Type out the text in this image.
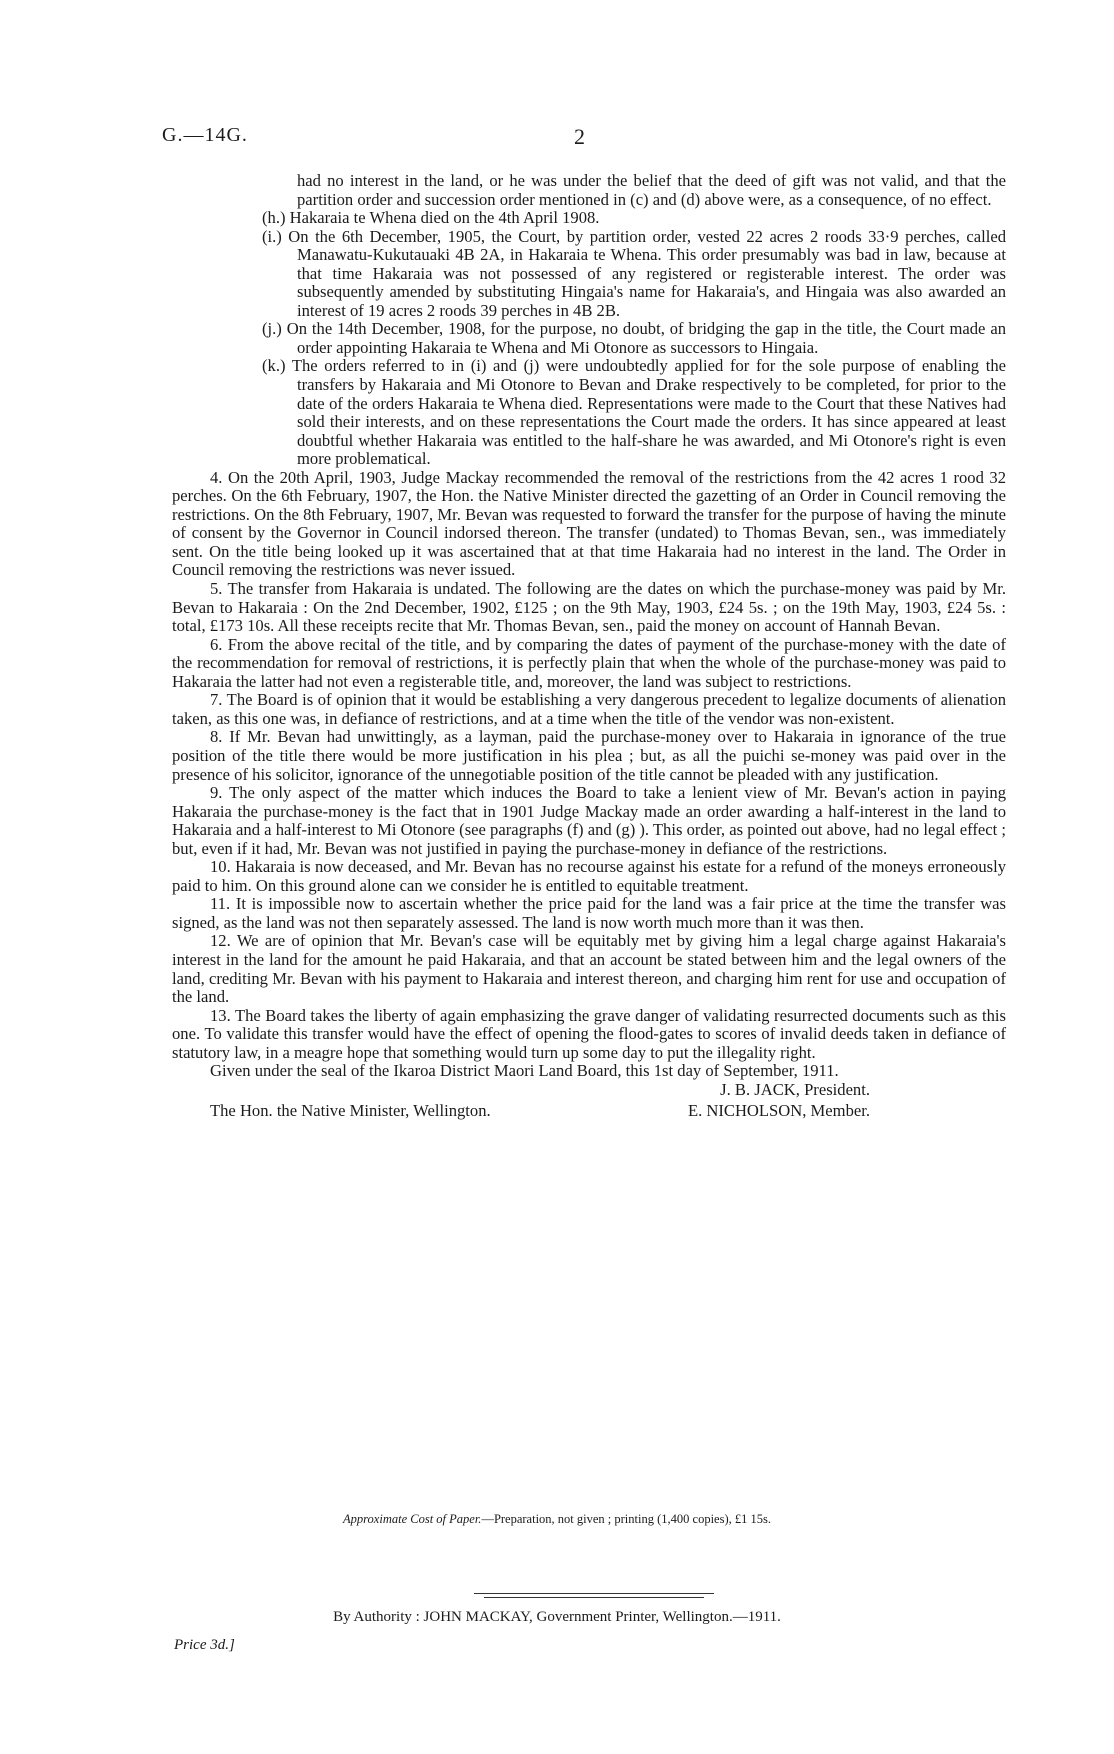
G.—14G.	2

had no interest in the land, or he was under the belief that the deed of gift was not valid, and that the partition order and succession order mentioned in (c) and (d) above were, as a consequence, of no effect.

(h.) Hakaraia te Whena died on the 4th April 1908.

(i.) On the 6th December, 1905, the Court, by partition order, vested 22 acres 2 roods 33·9 perches, called Manawatu-Kukutauaki 4B 2A, in Hakaraia te Whena. This order presumably was bad in law, because at that time Hakaraia was not possessed of any registered or registerable interest. The order was subsequently amended by substituting Hingaia's name for Hakaraia's, and Hingaia was also awarded an interest of 19 acres 2 roods 39 perches in 4B 2B.

(j.) On the 14th December, 1908, for the purpose, no doubt, of bridging the gap in the title, the Court made an order appointing Hakaraia te Whena and Mi Otonore as successors to Hingaia.

(k.) The orders referred to in (i) and (j) were undoubtedly applied for for the sole purpose of enabling the transfers by Hakaraia and Mi Otonore to Bevan and Drake respectively to be completed, for prior to the date of the orders Hakaraia te Whena died. Representations were made to the Court that these Natives had sold their interests, and on these representations the Court made the orders. It has since appeared at least doubtful whether Hakaraia was entitled to the half-share he was awarded, and Mi Otonore's right is even more problematical.

4. On the 20th April, 1903, Judge Mackay recommended the removal of the restrictions from the 42 acres 1 rood 32 perches. On the 6th February, 1907, the Hon. the Native Minister directed the gazetting of an Order in Council removing the restrictions. On the 8th February, 1907, Mr. Bevan was requested to forward the transfer for the purpose of having the minute of consent by the Governor in Council indorsed thereon. The transfer (undated) to Thomas Bevan, sen., was immediately sent. On the title being looked up it was ascertained that at that time Hakaraia had no interest in the land. The Order in Council removing the restrictions was never issued.

5. The transfer from Hakaraia is undated. The following are the dates on which the purchase-money was paid by Mr. Bevan to Hakaraia : On the 2nd December, 1902, £125 ; on the 9th May, 1903, £24 5s. ; on the 19th May, 1903, £24 5s. : total, £173 10s. All these receipts recite that Mr. Thomas Bevan, sen., paid the money on account of Hannah Bevan.

6. From the above recital of the title, and by comparing the dates of payment of the purchase-money with the date of the recommendation for removal of restrictions, it is perfectly plain that when the whole of the purchase-money was paid to Hakaraia the latter had not even a registerable title, and, moreover, the land was subject to restrictions.

7. The Board is of opinion that it would be establishing a very dangerous precedent to legalize documents of alienation taken, as this one was, in defiance of restrictions, and at a time when the title of the vendor was non-existent.

8. If Mr. Bevan had unwittingly, as a layman, paid the purchase-money over to Hakaraia in ignorance of the true position of the title there would be more justification in his plea ; but, as all the puichi se-money was paid over in the presence of his solicitor, ignorance of the unnegotiable position of the title cannot be pleaded with any justification.

9. The only aspect of the matter which induces the Board to take a lenient view of Mr. Bevan's action in paying Hakaraia the purchase-money is the fact that in 1901 Judge Mackay made an order awarding a half-interest in the land to Hakaraia and a half-interest to Mi Otonore (see paragraphs (f) and (g) ). This order, as pointed out above, had no legal effect ; but, even if it had, Mr. Bevan was not justified in paying the purchase-money in defiance of the restrictions.

10. Hakaraia is now deceased, and Mr. Bevan has no recourse against his estate for a refund of the moneys erroneously paid to him. On this ground alone can we consider he is entitled to equitable treatment.

11. It is impossible now to ascertain whether the price paid for the land was a fair price at the time the transfer was signed, as the land was not then separately assessed. The land is now worth much more than it was then.

12. We are of opinion that Mr. Bevan's case will be equitably met by giving him a legal charge against Hakaraia's interest in the land for the amount he paid Hakaraia, and that an account be stated between him and the legal owners of the land, crediting Mr. Bevan with his payment to Hakaraia and interest thereon, and charging him rent for use and occupation of the land.

13. The Board takes the liberty of again emphasizing the grave danger of validating resurrected documents such as this one. To validate this transfer would have the effect of opening the flood-gates to scores of invalid deeds taken in defiance of statutory law, in a meagre hope that something would turn up some day to put the illegality right.

Given under the seal of the Ikaroa District Maori Land Board, this 1st day of September, 1911.

J. B. JACK, President.
The Hon. the Native Minister, Wellington.	E. NICHOLSON, Member.
Approximate Cost of Paper.—Preparation, not given ; printing (1,400 copies), £1 15s.
By Authority : JOHN MACKAY, Government Printer, Wellington.—1911.
Price 3d.]
